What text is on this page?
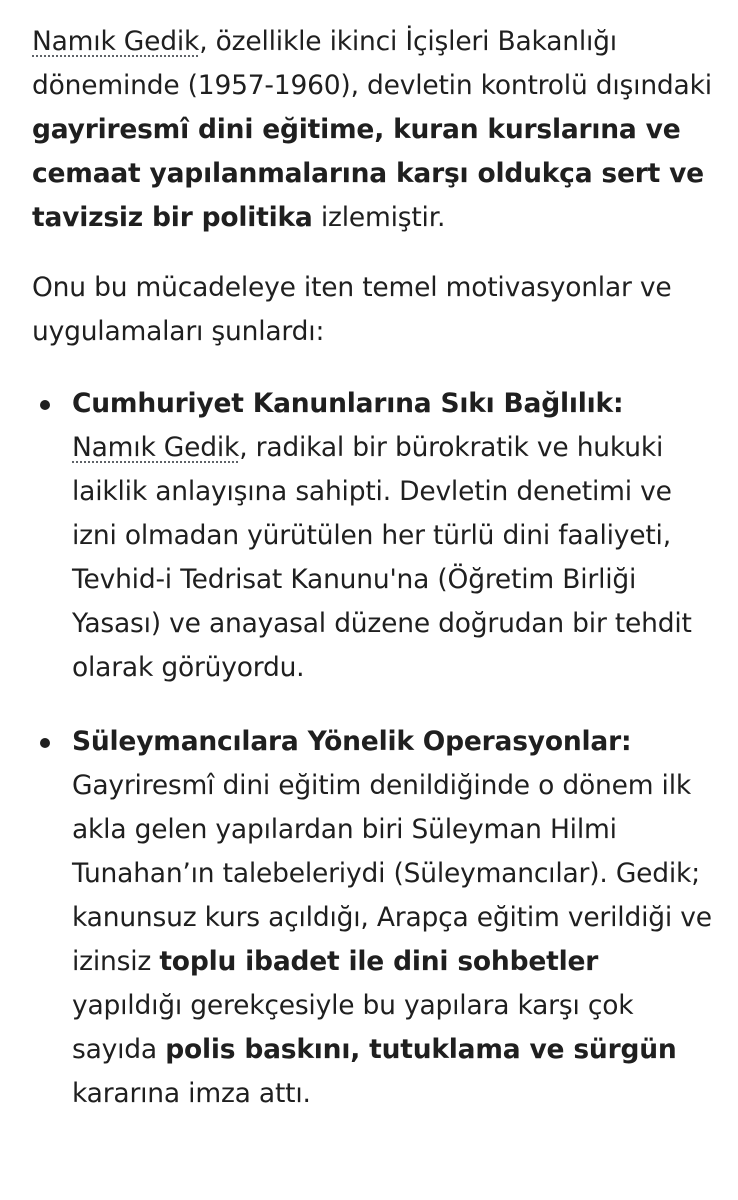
Namık Gedik, özellikle ikinci İçişleri Bakanlığı döneminde (1957-1960), devletin kontrolü dışındaki gayriresmî dini eğitime, kuran kurslarına ve cemaat yapılanmalarına karşı oldukça sert ve tavizsiz bir politika izlemiştir.

Onu bu mücadeleye iten temel motivasyonlar ve uygulamaları şunlardı:

Cumhuriyet Kanunlarına Sıkı Bağlılık: Namık Gedik, radikal bir bürokratik ve hukuki laiklik anlayışına sahipti. Devletin denetimi ve izni olmadan yürütülen her türlü dini faaliyeti, Tevhid-i Tedrisat Kanunu'na (Öğretim Birliği Yasası) ve anayasal düzene doğrudan bir tehdit olarak görüyordu.
Süleymancılara Yönelik Operasyonlar: Gayriresmî dini eğitim denildiğinde o dönem ilk akla gelen yapılardan biri Süleyman Hilmi Tunahan’ın talebeleriydi (Süleymancılar). Gedik; kanunsuz kurs açıldığı, Arapça eğitim verildiği ve izinsiz toplu ibadet ile dini sohbetler yapıldığı gerekçesiyle bu yapılara karşı çok sayıda polis baskını, tutuklama ve sürgün kararına imza attı.
